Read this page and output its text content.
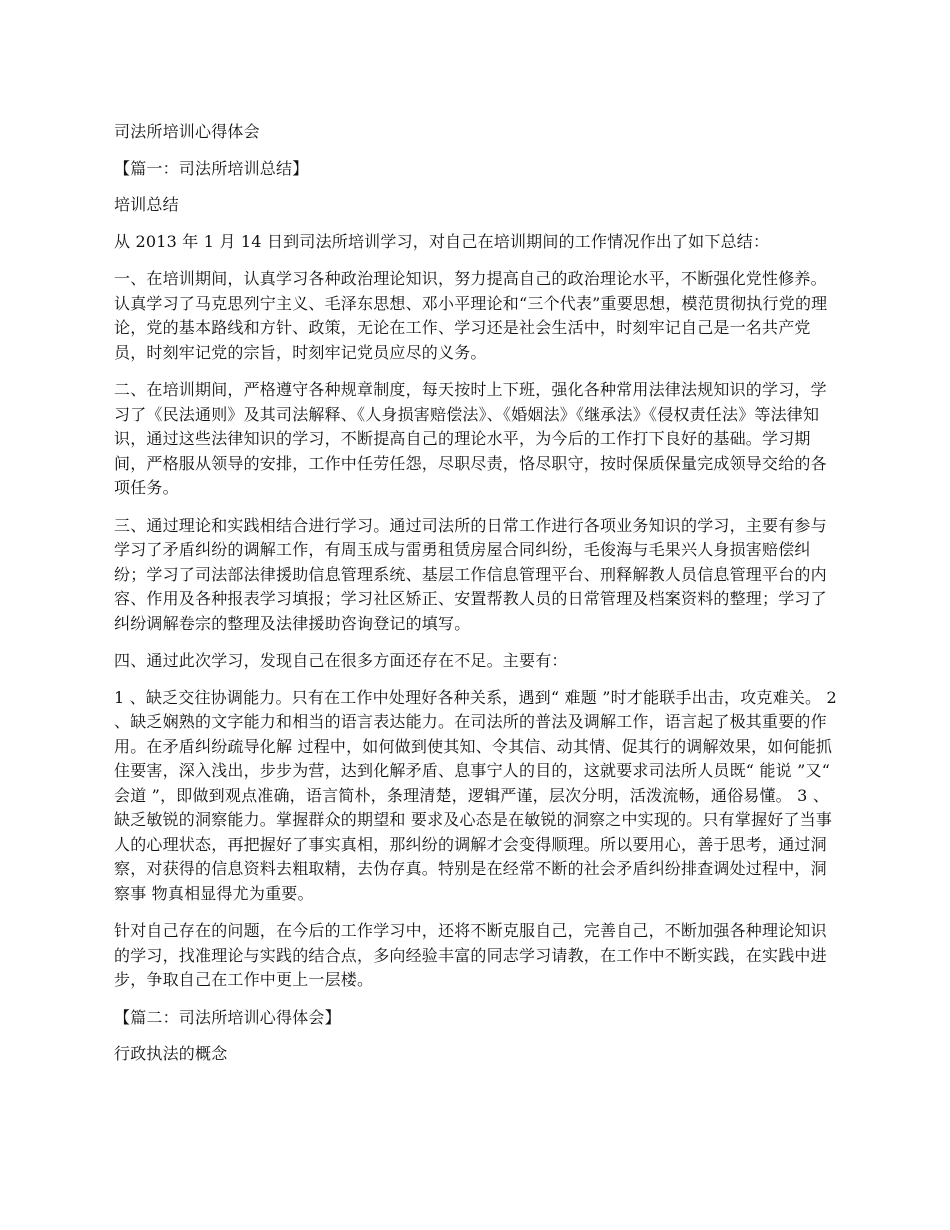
司法所培训心得体会

【篇一：司法所培训总结】

培训总结

从 2013 年 1 月 14 日到司法所培训学习，对自己在培训期间的工作情况作出了如下总结：

一、在培训期间，认真学习各种政治理论知识，努力提高自己的政治理论水平，不断强化党性修养。认真学习了马克思列宁主义、毛泽东思想、邓小平理论和“三个代表”重要思想，模范贯彻执行党的理论，党的基本路线和方针、政策，无论在工作、学习还是社会生活中，时刻牢记自己是一名共产党员，时刻牢记党的宗旨，时刻牢记党员应尽的义务。

二、在培训期间，严格遵守各种规章制度，每天按时上下班，强化各种常用法律法规知识的学习，学习了《民法通则》及其司法解释、《人身损害赔偿法》、《婚姻法》《继承法》《侵权责任法》等法律知识，通过这些法律知识的学习，不断提高自己的理论水平，为今后的工作打下良好的基础。学习期间，严格服从领导的安排，工作中任劳任怨，尽职尽责，恪尽职守，按时保质保量完成领导交给的各项任务。

三、通过理论和实践相结合进行学习。通过司法所的日常工作进行各项业务知识的学习，主要有参与学习了矛盾纠纷的调解工作，有周玉成与雷勇租赁房屋合同纠纷，毛俊海与毛果兴人身损害赔偿纠纷；学习了司法部法律援助信息管理系统、基层工作信息管理平台、刑释解教人员信息管理平台的内容、作用及各种报表学习填报；学习社区矫正、安置帮教人员的日常管理及档案资料的整理；学习了纠纷调解卷宗的整理及法律援助咨询登记的填写。

四、通过此次学习，发现自己在很多方面还存在不足。主要有：

1 、缺乏交往协调能力。只有在工作中处理好各种关系，遇到“ 难题 ”时才能联手出击，攻克难关。 2 、缺乏娴熟的文字能力和相当的语言表达能力。在司法所的普法及调解工作，语言起了极其重要的作用。在矛盾纠纷疏导化解 过程中，如何做到使其知、令其信、动其情、促其行的调解效果，如何能抓住要害，深入浅出，步步为营，达到化解矛盾、息事宁人的目的，这就要求司法所人员既“ 能说 ”又“ 会道 ”，即做到观点准确，语言简朴，条理清楚，逻辑严谨，层次分明，活泼流畅，通俗易懂。 3 、缺乏敏锐的洞察能力。掌握群众的期望和 要求及心态是在敏锐的洞察之中实现的。只有掌握好了当事人的心理状态，再把握好了事实真相，那纠纷的调解才会变得顺理。所以要用心，善于思考，通过洞察，对获得的信息资料去粗取精，去伪存真。特别是在经常不断的社会矛盾纠纷排查调处过程中，洞察事 物真相显得尤为重要。

针对自己存在的问题，在今后的工作学习中，还将不断克服自己，完善自己，不断加强各种理论知识的学习，找准理论与实践的结合点，多向经验丰富的同志学习请教，在工作中不断实践，在实践中进步，争取自己在工作中更上一层楼。

【篇二：司法所培训心得体会】

行政执法的概念
